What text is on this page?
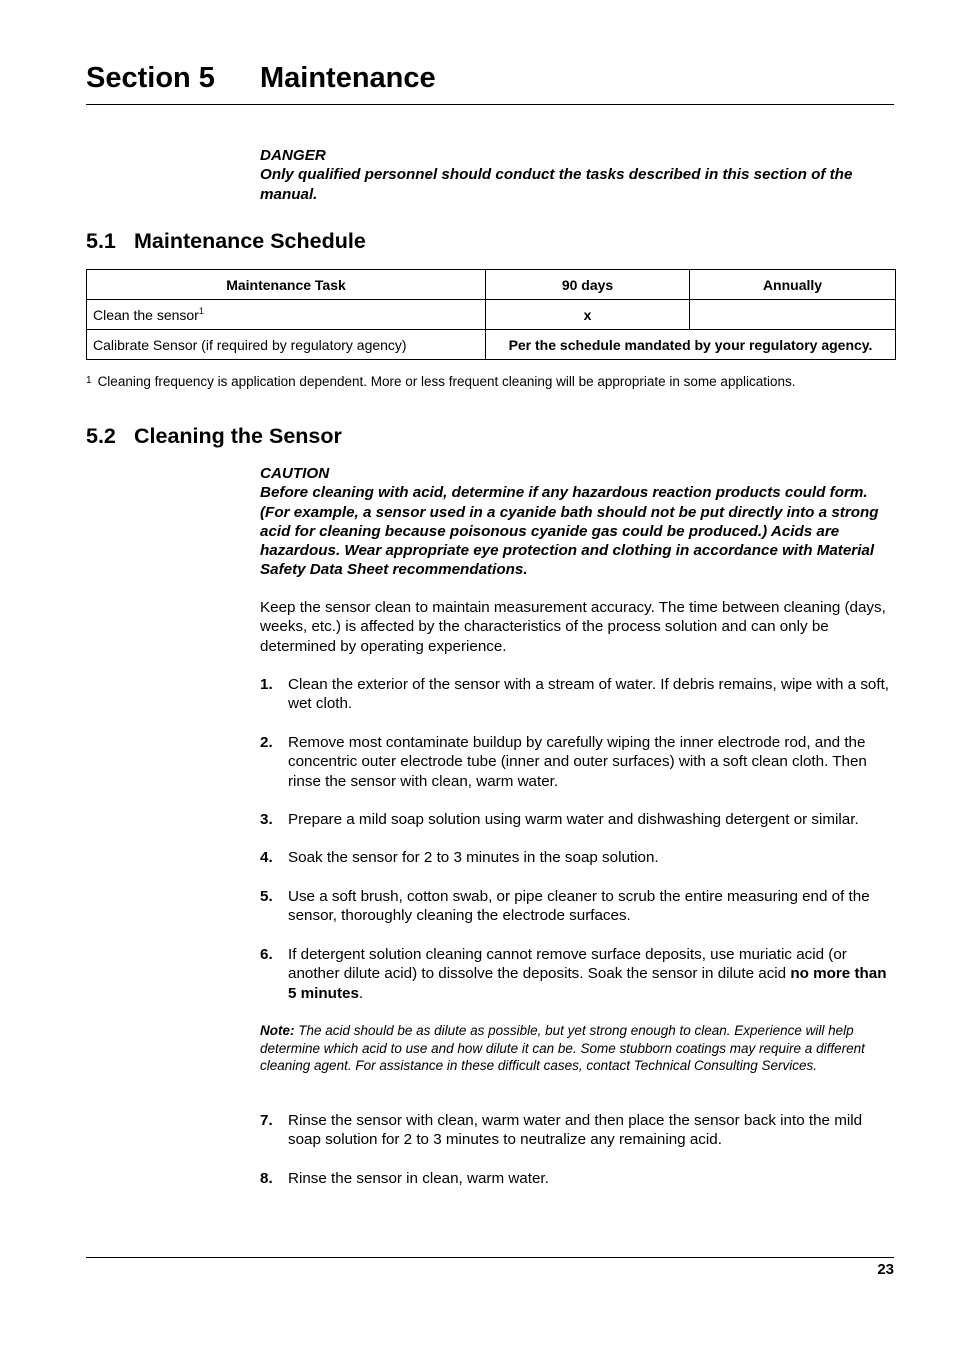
Section 5 Maintenance

DANGER

Only qualified personnel should conduct the tasks described in this section of the manual.

5.1 Maintenance Schedule
Maintenance Task	90 days	Annually
Clean the sensor$^1$	x	
Calibrate Sensor (if required by regulatory agency)	Per the schedule mandated by your regulatory agency.	
$^1$ Cleaning frequency is application dependent. More or less frequent cleaning will be appropriate in some applications.
5.2 Cleaning the Sensor

CAUTION

Before cleaning with acid, determine if any hazardous reaction products could form. (For example, a sensor used in a cyanide bath should not be put directly into a strong acid for cleaning because poisonous cyanide gas could be produced.) Acids are hazardous. Wear appropriate eye protection and clothing in accordance with Material Safety Data Sheet recommendations.

Keep the sensor clean to maintain measurement accuracy. The time between cleaning (days, weeks, etc.) is affected by the characteristics of the process solution and can only be determined by operating experience.

1. Clean the exterior of the sensor with a stream of water. If debris remains, wipe with a soft, wet cloth.
2. Remove most contaminate buildup by carefully wiping the inner electrode rod, and the concentric outer electrode tube (inner and outer surfaces) with a soft clean cloth. Then rinse the sensor with clean, warm water.
3. Prepare a mild soap solution using warm water and dishwashing detergent or similar.
4. Soak the sensor for 2 to 3 minutes in the soap solution.
5. Use a soft brush, cotton swab, or pipe cleaner to scrub the entire measuring end of the sensor, thoroughly cleaning the electrode surfaces.
6. If detergent solution cleaning cannot remove surface deposits, use muriatic acid (or another dilute acid) to dissolve the deposits. Soak the sensor in dilute acid no more than 5 minutes.
Note: The acid should be as dilute as possible, but yet strong enough to clean. Experience will help determine which acid to use and how dilute it can be. Some stubborn coatings may require a different cleaning agent. For assistance in these difficult cases, contact Technical Consulting Services.
7. Rinse the sensor with clean, warm water and then place the sensor back into the mild soap solution for 2 to 3 minutes to neutralize any remaining acid.
8. Rinse the sensor in clean, warm water.
23
